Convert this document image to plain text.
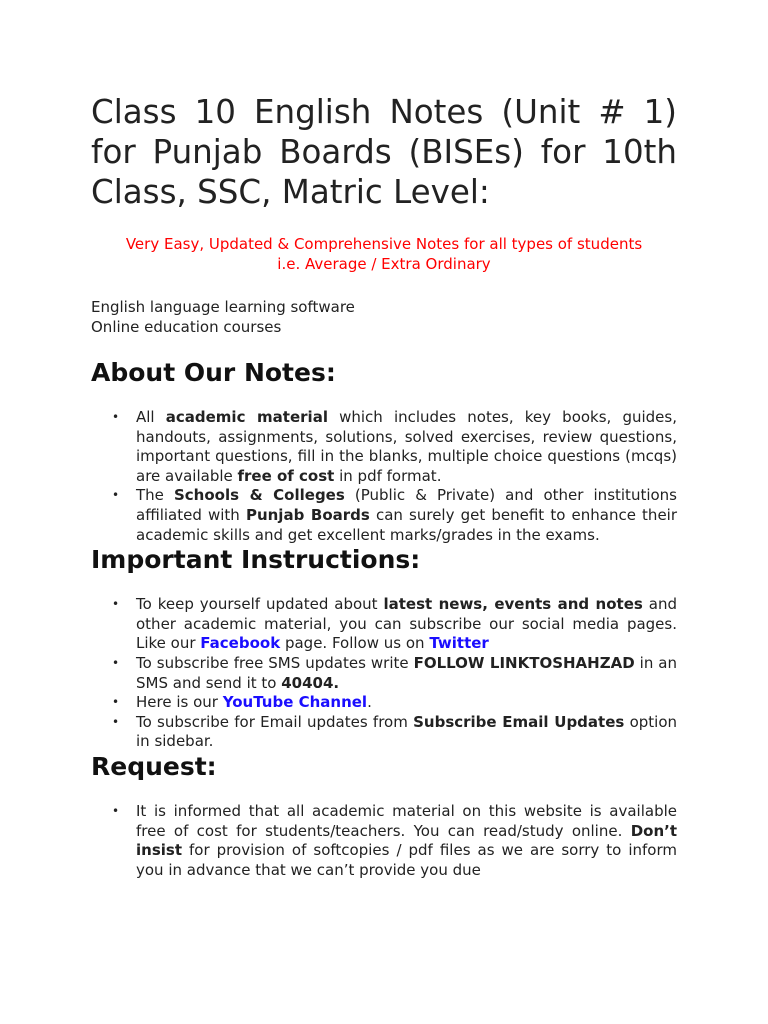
Class 10 English Notes (Unit # 1) for Punjab Boards (BISEs) for 10th Class, SSC, Matric Level:
Very Easy, Updated & Comprehensive Notes for all types of students
i.e. Average / Extra Ordinary
English language learning software
Online education courses
About Our Notes:
• All academic material which includes notes, key books, guides, handouts, assignments, solutions, solved exercises, review questions, important questions, fill in the blanks, multiple choice questions (mcqs) are available free of cost in pdf format.
• The Schools & Colleges (Public & Private) and other institutions affiliated with Punjab Boards can surely get benefit to enhance their academic skills and get excellent marks/grades in the exams.
Important Instructions:
• To keep yourself updated about latest news, events and notes and other academic material, you can subscribe our social media pages. Like our Facebook page. Follow us on Twitter
• To subscribe free SMS updates write FOLLOW LINKTOSHAHZAD in an SMS and send it to 40404.
• Here is our YouTube Channel.
• To subscribe for Email updates from Subscribe Email Updates option in sidebar.
Request:
• It is informed that all academic material on this website is available free of cost for students/teachers. You can read/study online. Don’t insist for provision of softcopies / pdf files as we are sorry to inform you in advance that we can’t provide you due
